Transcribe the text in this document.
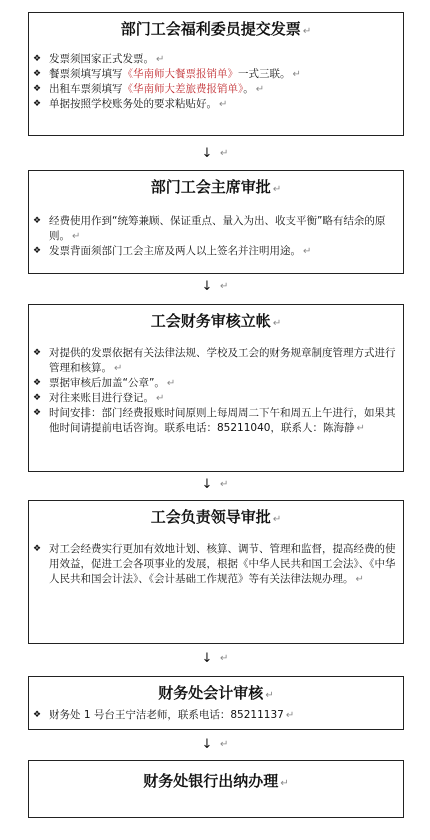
部门工会福利委员提交发票 ↵
❖ 发票须国家正式发票。 ↵
❖ 餐票须填写填写《华南师大餐票报销单》一式三联。 ↵
❖ 出租车票须填写《华南师大差旅费报销单》。 ↵
❖ 单据按照学校账务处的要求粘贴好。 ↵
↓ ↵
部门工会主席审批 ↵
❖ 经费使用作到“统筹兼顾、保证重点、量入为出、收支平衡”略有结余的原则。 ↵
❖ 发票背面须部门工会主席及两人以上签名并注明用途。 ↵
↓ ↵
工会财务审核立帐 ↵
❖ 对提供的发票依据有关法律法规、学校及工会的财务规章制度管理方式进行管理和核算。 ↵
❖ 票据审核后加盖“公章”。 ↵
❖ 对往来账目进行登记。 ↵
❖ 时间安排：部门经费报账时间原则上每周周二下午和周五上午进行，如果其他时间请提前电话咨询。联系电话：85211040，联系人：陈海静 ↵
↓ ↵
工会负责领导审批 ↵
❖ 对工会经费实行更加有效地计划、核算、调节、管理和监督，提高经费的使用效益，促进工会各项事业的发展，根据《中华人民共和国工会法》、《中华人民共和国会计法》、《会计基础工作规范》等有关法律法规办理。 ↵
↓ ↵
财务处会计审核 ↵
❖ 财务处 1 号台王宁洁老师，联系电话：85211137 ↵
↓ ↵
财务处银行出纳办理 ↵
